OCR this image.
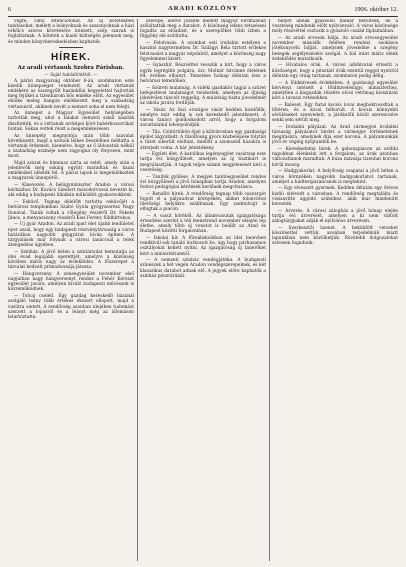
6	ARADI KÖZLÖNY	1906. október 12.

végre, című intenciótokat. Az új kötetekben tanításokat, mellett a leányoknak és asszonyoknak a házi erkölcs szoros követésére intézett, szép szavak is foglaltatnak. A kötetek a kiadó költségén jelennek meg, és minden könyvkereskedésben kaphatók.

HÍREK.
Az aradi vértanuk Szobra Párisban.
— Saját tudósítónktól. —

A párisi magyarság október 6-án, szombaton este kisebb ünnepséget rendezett. Az aradi vértanuk emlékére az összegyűlt hazánkfiai kegyelettel hajtották meg fejüket a tizenhárom hős emléke előtt. Az egyesület elnöke meleg hangon emlékezett meg a szabadság vértanuiról, akiknek nevét a nemzet soha el nem felejti.

Az ünnepet a Magyar Egyesület helyiségében tartották meg, ahol a falakat nemzeti színű zászlók díszítették, és a vértanuk arcképei köré babérkoszorúkat fontak. Sokan vettek részt a megemlékezésen.

Az ünnepély megnyitója után több szavalat következett, majd a szónok lelkes beszédben méltatta a vértanuk érdemeit, kiemelve, hogy az ő áldozatuk nélkül a szabadság eszméje nem ragyogna oly fényesen, mint most.

Majd szózat és himnusz zárta az estét, amely után a jelenlevők még sokáig együtt maradtak és hazai emlékeiket idézték fel. A párisi lapok is megemlékeztek a magyarok ünnepéről.

— Kinevezés. A belügyminiszter Aradon a városi kórházhoz Dr. Kovács Sándort másodorvossá nevezte ki, aki eddig a budapesti klinikán működött gyakornokként.

— Esküvő. Tegnap délelőtt tartotta esküvőjét a belvárosi templomban Szabó Gyula gyógyszerész Nagy Ilonával. Tanúk voltak a vőlegény részéről Dr. Fekete János, a menyasszony részéről Kiss Ferenc földbirtokos.

— Uj gyár Aradon. Az aradi ipari élet újabb lendületet nyer azzal, hogy egy budapesti részvénytársaság a város határában nagyobb gépgyárat kíván építeni. A tárgyalások már folynak a városi tanáccsal a telek átengedése ügyében.

— Színház. A jövő héten a színtársulat bemutatja az idei évad legújabb operettjét, amelyre a közönség körében máris nagy az érdeklődés. A főszerepet a társulat kedvelt primadonnája játssza.

— Hangverseny. A zeneegyesület november első napjaiban nagy hangversenyt rendez a Fehér Kereszt egyesület javára, amelyen kiváló budapesti művészek is közreműködnek.

— Tolvaj cseléd. Egy gazdag kereskedő házánál szolgáló leány több értékes ékszert ellopott, majd a vasútra sietett. A rendőrség azonban idejében tudomást szerzett a lopásról és a leányt még az állomáson letartóztatta.

szerepe, illetve Józsefé mellett magyar fordításban szólaltatták meg a darabot. A közönség lelkes tetszéssel fogadta az előadást, és a szereplőket több ízben a függöny elé szólította.

— Felolvasás. A szombat esti irodalmi estélyen a kaszinó nagytermében Dr. Szilágyi Béla tartott érdekes felolvasást a magyar népdalról, amelyet a közönség nagy figyelemmel kísért.

— Gyászhír. Részvéttel vesszük a hírt, hogy a város egyik legrégibb polgára, özv. Molnár Istvánné életének 84. évében elhunyt. Temetése holnap délután lesz a belvárosi temetőben.

— Szüreti mulatság. A vidéki gazdakör tagjai a szüret befejeztével mulatságot rendeztek, amelyen az ifjúság jókedvűen táncolt reggelig. A mulatság tiszta jövedelmét az iskola javára fordítják.

— Vásár. Az őszi országos vásár kedden kezdődik, amelyre már eddig is sok kereskedő jelentkezett. A városi tanács gondoskodott arról, hogy a forgalom zavartalanul lebonyolódjék.

— Tűz. Csütörtökön éjjel a külvárosban egy gazdasági épület kigyulladt. A tűzoltóság gyors közbelépése folytán a tüzet sikerült eloltani, mielőtt a szomszéd házakra is átterjedt volna. A kár jelentékeny.

— Egyleti élet. A katolikus legényegylet vasárnap este tartja évi közgyűlését, amelyen az új tisztikart is megválasztják. A tagok teljes számú megjelenését kéri a vezetőség.

— Tanítók gyűlése. A megyei tanítóegyesület rendes évi közgyűlését a jövő hónapban tartja Aradon, amelyen fontos pedagógiai kérdések kerülnek megvitatásra.

— Rendőri hírek. A rendőrség tegnap több csavargót fogott el a pályaudvar környékén, akiket toloncúton illetőségi helyükre szállítanak. Egy zsebtolvajt is elfogtak a piacon.

— A vasút köréből. Az államvasutak igazgatósága értesítése szerint a téli menetrend november elsején lép életbe, amely több új vonatot is beállít az Arad és Budapest közötti forgalomban.

— Iskolai hír. A főreáliskolában az idei tanévben rendkívül sok tanuló iratkozott be, úgy hogy párhuzamos osztályokat kellett nyitni. Az igazgatóság új tanerőket kért a minisztériumtól.

— A nemzeti színház vendégjátéka. A budapesti színészek a hét végén Aradon vendégszerepelnek, és két klasszikus darabot adnak elő. A jegyek előre kaphatók a színház pénztáránál.

helyét annak gyászolói hamar betöltsék, de a veszteség mindenki előtt nyilvánvaló. A város közönsége mély részvéttel osztozik a gyászoló család fájdalmában.

— Az aradi orvosok bálja. Az aradi orvosegyesület november második felében rendezi szokásos jótékonycélú bálját, amelynek jövedelme a szegény betegek segélyezésére szolgál. A bál iránt máris élénk érdeklődés mutatkozik.

— Hivatalos órák. A városi adóhivatal értesíti a közönséget, hogy a pénztári órák ezentúl reggel nyolctól délután egy óráig tartanak, szombaton pedig délig.

— A földmívesek érdekében. A gazdasági egyesület kérvényt intézett a földmívelésügyi miniszterhez, amelyben a kisgazdák részére olcsó vetőmag kiosztását kéri a tavaszi vetésekhez.

— Baleset. Egy fiatal kocsis lovai megbokrosodtak a főtéren, és a kocsi felborult. A kocsis könnyebb sérüléseket szenvedett, a járókelők közül szerencsére senki sem sérült meg.

— Irodalmi pályázat. Az Arad vármegyei irodalmi társaság pályázatot hirdet a vármegye történetének megírására, amelynek díja ezer korona. A pályamunkák jövő év végéig nyújtandók be.

— Kereskedelmi hírek. A gabonapiacon az utóbbi napokban élénkebb lett a forgalom, az árak azonban változatlanok maradtak. A búza mázsája tizenhat korona körül mozog.

— Hadgyakorlat. A helyőrség csapatai a jövő héten a város környékén nagyobb hadgyakorlatot tartanak, amelyet a hadtestparancsnok is megtekint.

— Egy elveszett gyermek. Kedden délután egy ötéves kisfiú eltévedt a városban. A rendőrség megtalálta és visszavitte aggódó szüleihez, akik már mindenütt keresték.

— Árverés. A városi zálogház a jövő hónap elején tartja évi árverését, amelyen a ki nem váltott zálogtárgyakat adják el nyilvános árverésen.

— Szerkesztői üzenet. A beküldött verseket köszönettel vettük, azonban terjedelmük miatt lapunkban nem közölhetjük. Rövidebb dolgozatokat szívesen fogadunk.
